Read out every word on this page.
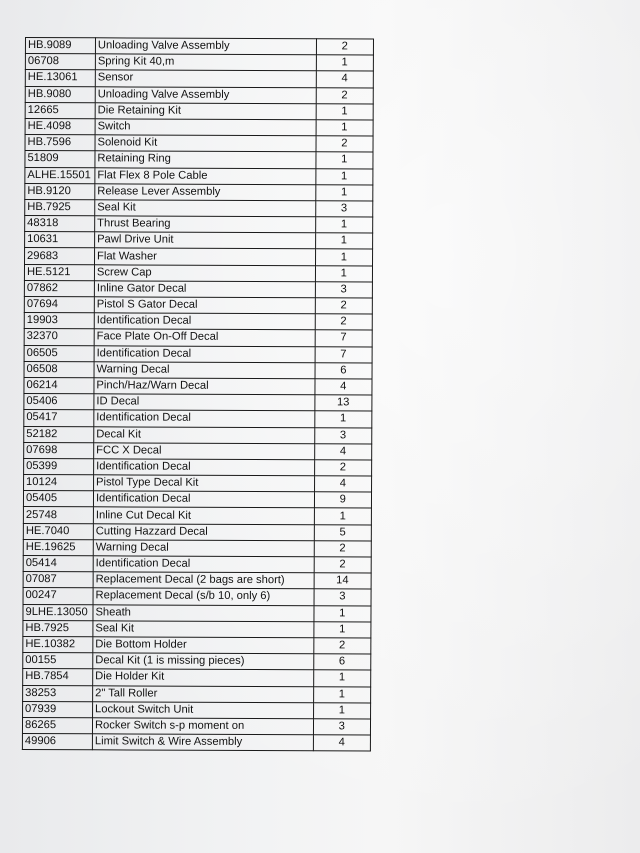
HB.9089	Unloading Valve Assembly	2
06708	Spring Kit 40,m	1
HE.13061	Sensor	4
HB.9080	Unloading Valve Assembly	2
12665	Die Retaining Kit	1
HE.4098	Switch	1
HB.7596	Solenoid Kit	2
51809	Retaining Ring	1
ALHE.15501	Flat Flex 8 Pole Cable	1
HB.9120	Release Lever Assembly	1
HB.7925	Seal Kit	3
48318	Thrust Bearing	1
10631	Pawl Drive Unit	1
29683	Flat Washer	1
HE.5121	Screw Cap	1
07862	Inline Gator Decal	3
07694	Pistol S Gator Decal	2
19903	Identification Decal	2
32370	Face Plate On-Off Decal	7
06505	Identification Decal	7
06508	Warning Decal	6
06214	Pinch/Haz/Warn Decal	4
05406	ID Decal	13
05417	Identification Decal	1
52182	Decal Kit	3
07698	FCC X Decal	4
05399	Identification Decal	2
10124	Pistol Type Decal Kit	4
05405	Identification Decal	9
25748	Inline Cut Decal Kit	1
HE.7040	Cutting Hazzard Decal	5
HE.19625	Warning Decal	2
05414	Identification Decal	2
07087	Replacement Decal (2 bags are short)	14
00247	Replacement Decal (s/b 10, only 6)	3
9LHE.13050	Sheath	1
HB.7925	Seal Kit	1
HE.10382	Die Bottom Holder	2
00155	Decal Kit (1 is missing pieces)	6
HB.7854	Die Holder Kit	1
38253	2" Tall Roller	1
07939	Lockout Switch Unit	1
86265	Rocker Switch s-p moment on	3
49906	Limit Switch & Wire Assembly	4
